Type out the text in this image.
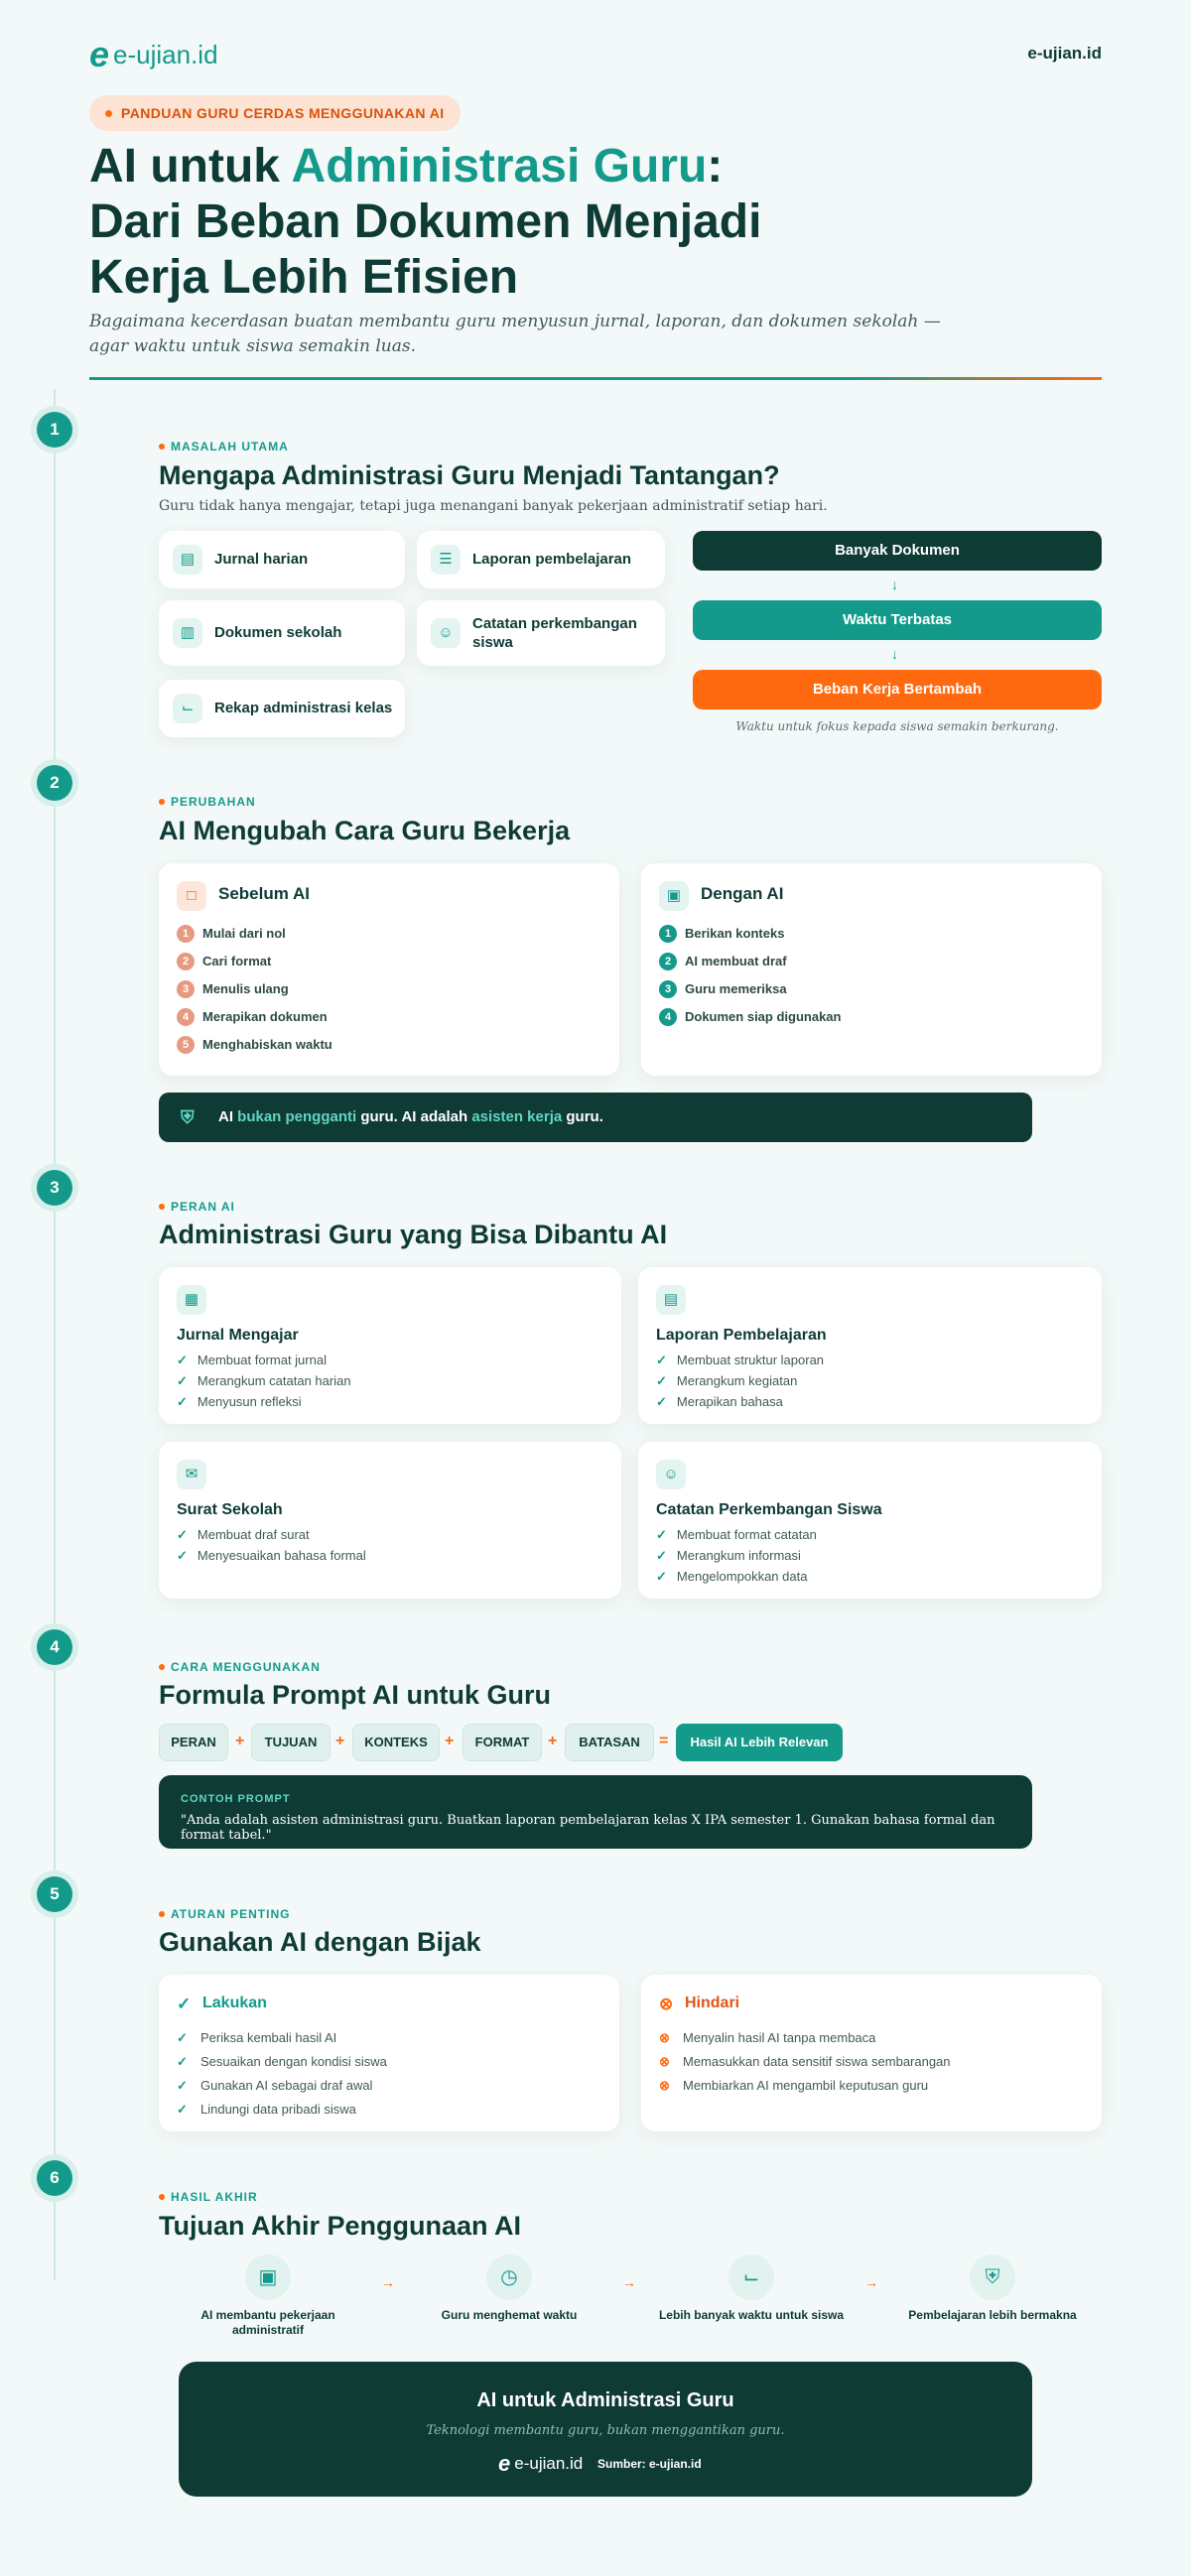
e e-ujian.id	e-ujian.id
PANDUAN GURU CERDAS MENGGUNAKAN AI
AI untuk Administrasi Guru:
Dari Beban Dokumen Menjadi
Kerja Lebih Efisien
Bagaimana kecerdasan buatan membantu guru menyusun jurnal, laporan, dan dokumen sekolah — agar waktu untuk siswa semakin luas.
1
2
3
4
5
6
MASALAH UTAMA
Mengapa Administrasi Guru Menjadi Tantangan?
Guru tidak hanya mengajar, tetapi juga menangani banyak pekerjaan administratif setiap hari.
▤	Jurnal harian	☰	Laporan pembelajaran
▥	Dokumen sekolah	☺
Catatan perkembangan siswa
⌙	Rekap administrasi kelas
Banyak Dokumen
↓
Waktu Terbatas
↓
Beban Kerja Bertambah
Waktu untuk fokus kepada siswa semakin berkurang.
PERUBAHAN
AI Mengubah Cara Guru Bekerja
□	Sebelum AI
1	Mulai dari nol
2	Cari format
3	Menulis ulang
4	Merapikan dokumen
5	Menghabiskan waktu
▣	Dengan AI
1	Berikan konteks
2	AI membuat draf
3	Guru memeriksa
4	Dokumen siap digunakan
⛨ AI bukan pengganti guru. AI adalah asisten kerja guru.
PERAN AI
Administrasi Guru yang Bisa Dibantu AI
▦
Jurnal Mengajar
✓ Membuat format jurnal
✓ Merangkum catatan harian
✓ Menyusun refleksi
▤
Laporan Pembelajaran
✓ Membuat struktur laporan
✓ Merangkum kegiatan
✓ Merapikan bahasa
✉
Surat Sekolah
✓ Membuat draf surat
✓ Menyesuaikan bahasa formal
☺
Catatan Perkembangan Siswa
✓ Membuat format catatan
✓ Merangkum informasi
✓ Mengelompokkan data
CARA MENGGUNAKAN
Formula Prompt AI untuk Guru
PERAN	+	TUJUAN	+	KONTEKS	+	FORMAT	+	BATASAN	=	Hasil AI Lebih Relevan
CONTOH PROMPT
"Anda adalah asisten administrasi guru. Buatkan laporan pembelajaran kelas X IPA semester 1. Gunakan bahasa formal dan format tabel."
ATURAN PENTING
Gunakan AI dengan Bijak
✓ Lakukan
✓ Periksa kembali hasil AI
✓ Sesuaikan dengan kondisi siswa
✓ Gunakan AI sebagai draf awal
✓ Lindungi data pribadi siswa
⊗ Hindari
⊗ Menyalin hasil AI tanpa membaca
⊗ Memasukkan data sensitif siswa sembarangan
⊗ Membiarkan AI mengambil keputusan guru
HASIL AKHIR
Tujuan Akhir Penggunaan AI
▣
AI membantu pekerjaan administratif
→	◷
Guru menghemat waktu
→	⌙
Lebih banyak waktu untuk siswa
→	⛨
Pembelajaran lebih bermakna
AI untuk Administrasi Guru
Teknologi membantu guru, bukan menggantikan guru.
e e-ujian.id Sumber: e-ujian.id
